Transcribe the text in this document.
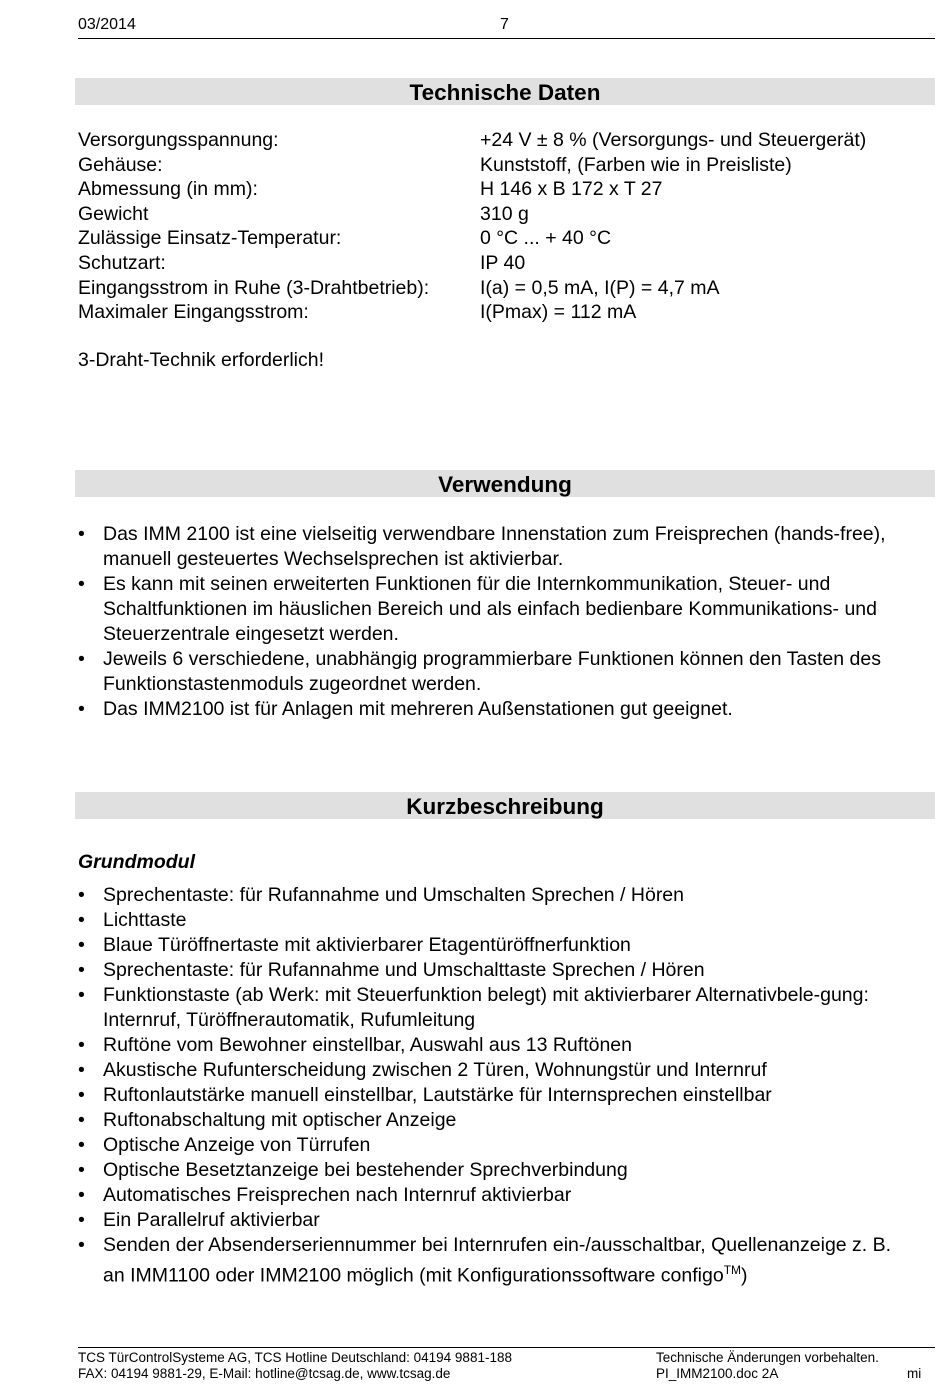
03/2014	7
Technische Daten
Versorgungsspannung:	+24 V ± 8 % (Versorgungs- und Steuergerät)
Gehäuse:	Kunststoff, (Farben wie in Preisliste)
Abmessung (in mm):	H 146 x B 172 x T 27
Gewicht	310 g
Zulässige Einsatz-Temperatur:	0 °C ... + 40 °C
Schutzart:	IP 40
Eingangsstrom in Ruhe (3-Drahtbetrieb):	I(a) = 0,5 mA, I(P) = 4,7 mA
Maximaler Eingangsstrom:	I(Pmax) = 112 mA
3-Draht-Technik erforderlich!
Verwendung
• Das IMM 2100 ist eine vielseitig verwendbare Innenstation zum Freisprechen (hands-free), manuell gesteuertes Wechselsprechen ist aktivierbar.
• Es kann mit seinen erweiterten Funktionen für die Internkommunikation, Steuer- und Schaltfunktionen im häuslichen Bereich und als einfach bedienbare Kommunikations- und Steuerzentrale eingesetzt werden.
• Jeweils 6 verschiedene, unabhängig programmierbare Funktionen können den Tasten des Funktionstastenmoduls zugeordnet werden.
• Das IMM2100 ist für Anlagen mit mehreren Außenstationen gut geeignet.
Kurzbeschreibung
Grundmodul
• Sprechentaste: für Rufannahme und Umschalten Sprechen / Hören
• Lichttaste
• Blaue Türöffnertaste mit aktivierbarer Etagentüröffnerfunktion
• Sprechentaste: für Rufannahme und Umschalttaste Sprechen / Hören
• Funktionstaste (ab Werk: mit Steuerfunktion belegt) mit aktivierbarer Alternativbele-gung: Internruf, Türöffnerautomatik, Rufumleitung
• Ruftöne vom Bewohner einstellbar, Auswahl aus 13 Ruftönen
• Akustische Rufunterscheidung zwischen 2 Türen, Wohnungstür und Internruf
• Ruftonlautstärke manuell einstellbar, Lautstärke für Internsprechen einstellbar
• Ruftonabschaltung mit optischer Anzeige
• Optische Anzeige von Türrufen
• Optische Besetztanzeige bei bestehender Sprechverbindung
• Automatisches Freisprechen nach Internruf aktivierbar
• Ein Parallelruf aktivierbar
• Senden der Absenderseriennummer bei Internrufen ein-/ausschaltbar, Quellenanzeige z. B. an IMM1100 oder IMM2100 möglich (mit Konfigurationssoftware configo™)
TCS TürControlSysteme AG, TCS Hotline Deutschland: 04194 9881-188
FAX: 04194 9881-29, E-Mail: hotline@tcsag.de, www.tcsag.de
Technische Änderungen vorbehalten.
PI_IMM2100.doc 2A	mi
